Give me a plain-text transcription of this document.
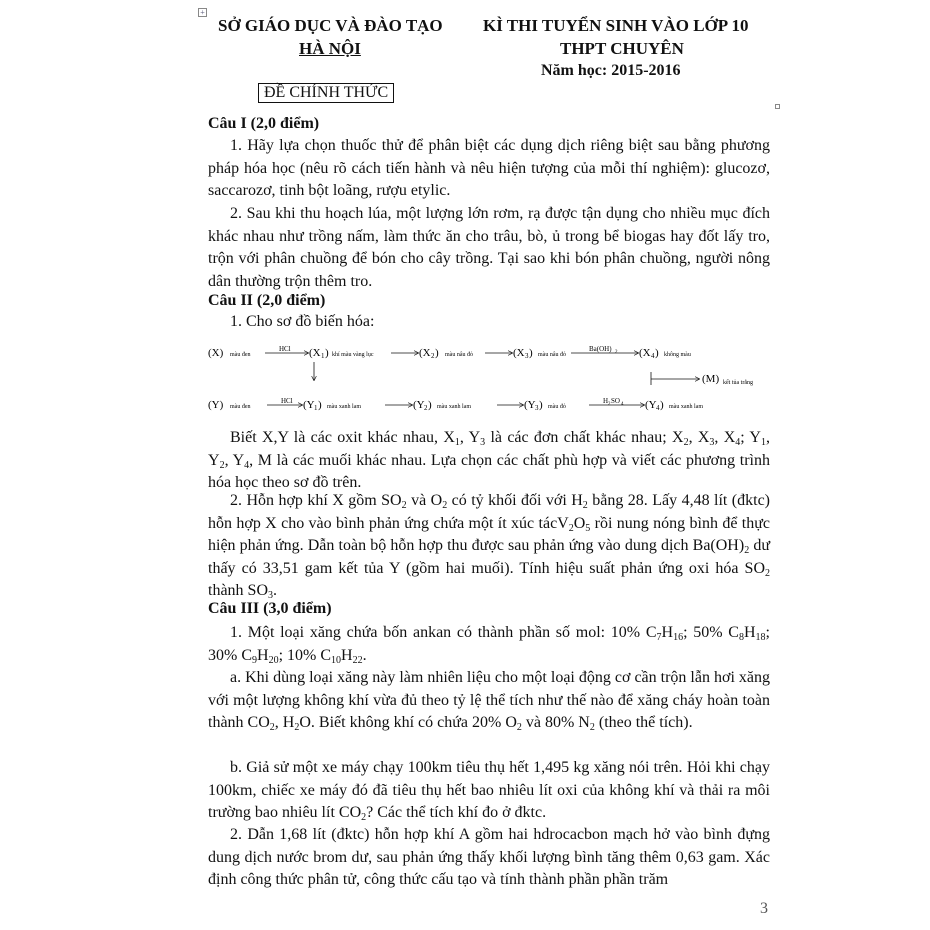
+
SỞ GIÁO DỤC VÀ ĐÀO TẠO
HÀ NỘI
KÌ THI TUYỂN SINH VÀO LỚP 10
THPT CHUYÊN
Năm học: 2015-2016
ĐỀ CHÍNH THỨC
Câu I (2,0 điểm)
1. Hãy lựa chọn thuốc thử để phân biệt các dụng dịch riêng biệt sau bằng phương pháp hóa học (nêu rõ cách tiến hành và nêu hiện tượng của mỗi thí nghiệm): glucozơ, saccarozơ, tinh bột loãng, rượu etylic.
2. Sau khi thu hoạch lúa, một lượng lớn rơm, rạ được tận dụng cho nhiều mục đích khác nhau như trồng nấm, làm thức ăn cho trâu, bò, ủ trong bể biogas hay đốt lấy tro, trộn với phân chuồng để bón cho cây trồng. Tại sao khi bón phân chuồng, người nông dân thường trộn thêm tro.
Câu II (2,0 điểm)
1. Cho sơ đồ biến hóa:
(X) màu đen
HCl (X 1 ) khí màu vàng lục	(X 2 ) màu nâu đỏ	(X 3 ) màu nâu đỏ
Ba(OH) 2 (X 4 ) không màu
(M) kết tủa trắng
(Y) màu đen
HCl (Y 1 ) màu xanh lam	(Y 2 ) màu xanh lam	(Y 3 ) màu đỏ
H 2 SO 4 (Y 4 ) màu xanh lam
Biết X,Y là các oxit khác nhau, X1, Y3 là các đơn chất khác nhau; X2, X3, X4; Y1, Y2, Y4, M là các muối khác nhau. Lựa chọn các chất phù hợp và viết các phương trình hóa học theo sơ đồ trên.
2. Hỗn hợp khí X gồm SO2 và O2 có tỷ khối đối với H2 bằng 28. Lấy 4,48 lít (đktc) hỗn hợp X cho vào bình phản ứng chứa một ít xúc tácV2O5 rồi nung nóng bình để thực hiện phản ứng. Dẫn toàn bộ hỗn hợp thu được sau phản ứng vào dung dịch Ba(OH)2 dư thấy có 33,51 gam kết tủa Y (gồm hai muối). Tính hiệu suất phản ứng oxi hóa SO2 thành SO3.
Câu III (3,0 điểm)
1. Một loại xăng chứa bốn ankan có thành phần số mol: 10% C7H16; 50% C8H18; 30% C9H20; 10% C10H22.
a. Khi dùng loại xăng này làm nhiên liệu cho một loại động cơ cần trộn lẫn hơi xăng với một lượng không khí vừa đủ theo tỷ lệ thể tích như thế nào để xăng cháy hoàn toàn thành CO2, H2O. Biết không khí có chứa 20% O2 và 80% N2 (theo thể tích).
b. Giả sử một xe máy chạy 100km tiêu thụ hết 1,495 kg xăng nói trên. Hỏi khi chạy 100km, chiếc xe máy đó đã tiêu thụ hết bao nhiêu lít oxi của không khí và thải ra môi trường bao nhiêu lít CO2? Các thể tích khí đo ở đktc.
2. Dẫn 1,68 lít (đktc) hỗn hợp khí A gồm hai hdrocacbon mạch hở vào bình đựng dung dịch nước brom dư, sau phản ứng thấy khối lượng bình tăng thêm 0,63 gam. Xác định công thức phân tử, công thức cấu tạo và tính thành phần phần trăm
3
